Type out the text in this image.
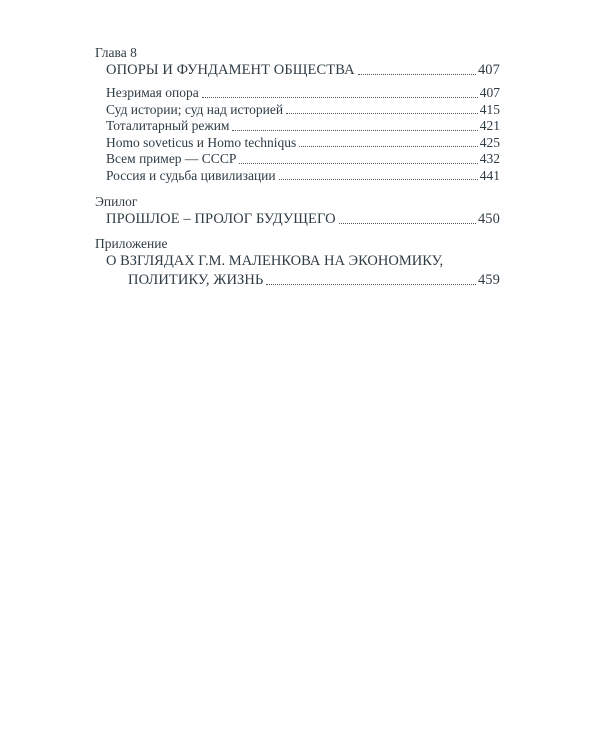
Глава 8

ОПОРЫ И ФУНДАМЕНТ ОБЩЕСТВА	407
Незримая опора	407
Суд истории; суд над историей	415
Тоталитарный режим	421
Homo soveticus и Homo techniqus	425
Всем пример — СССР	432
Россия и судьба цивилизации	441

Эпилог

ПРОШЛОЕ – ПРОЛОГ БУДУЩЕГО	450

Приложение

О ВЗГЛЯДАХ Г.М. МАЛЕНКОВА НА ЭКОНОМИКУ,
ПОЛИТИКУ, ЖИЗНЬ	459
